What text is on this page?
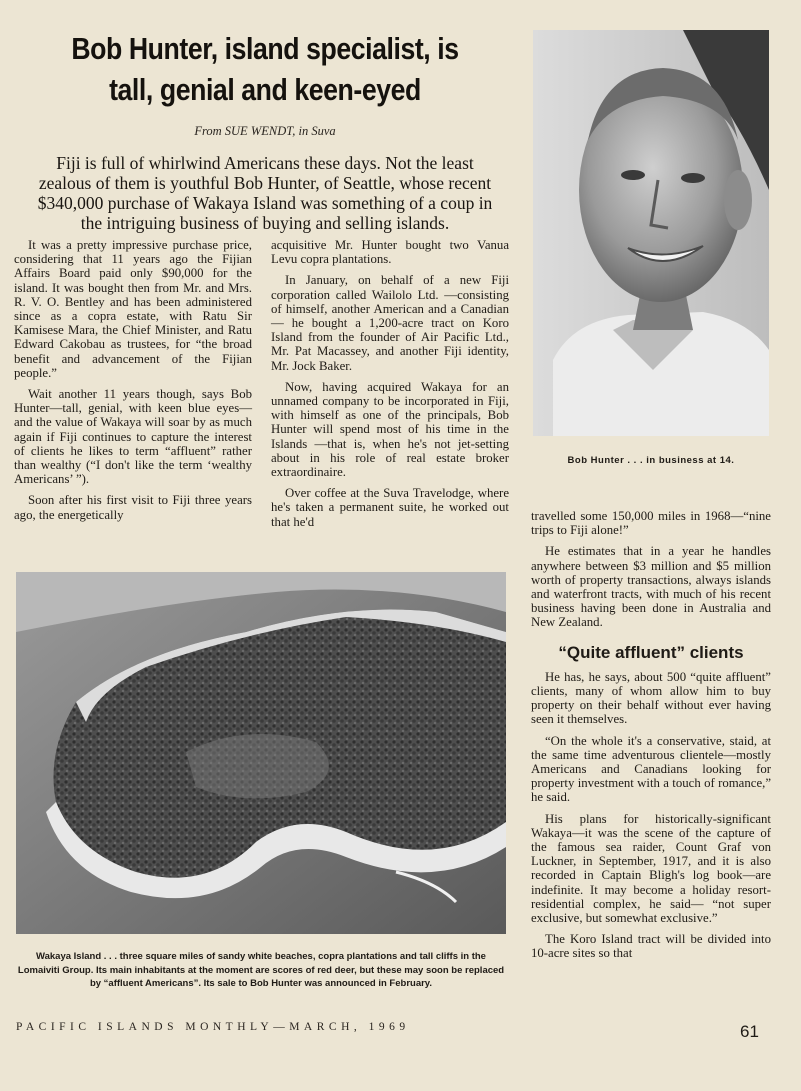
Bob Hunter, island specialist, is tall, genial and keen-eyed
From SUE WENDT, in Suva
Fiji is full of whirlwind Americans these days. Not the least zealous of them is youthful Bob Hunter, of Seattle, whose recent $340,000 purchase of Wakaya Island was something of a coup in the intriguing business of buying and selling islands.

It was a pretty impressive purchase price, considering that 11 years ago the Fijian Affairs Board paid only $90,000 for the island. It was bought then from Mr. and Mrs. R. V. O. Bentley and has been administered since as a copra estate, with Ratu Sir Kamisese Mara, the Chief Minister, and Ratu Edward Cakobau as trustees, for “the broad benefit and advancement of the Fijian people.”

Wait another 11 years though, says Bob Hunter—tall, genial, with keen blue eyes—and the value of Wakaya will soar by as much again if Fiji continues to capture the interest of clients he likes to term “affluent” rather than wealthy (“I don't like the term ‘wealthy Americans’ ”).

Soon after his first visit to Fiji three years ago, the energetically

acquisitive Mr. Hunter bought two Vanua Levu copra plantations.

In January, on behalf of a new Fiji corporation called Wailolo Ltd. —consisting of himself, another American and a Canadian — he bought a 1,200-acre tract on Koro Island from the founder of Air Pacific Ltd., Mr. Pat Macassey, and another Fiji identity, Mr. Jock Baker.

Now, having acquired Wakaya for an unnamed company to be incorporated in Fiji, with himself as one of the principals, Bob Hunter will spend most of his time in the Islands —that is, when he's not jet-setting about in his role of real estate broker extraordinaire.

Over coffee at the Suva Travelodge, where he's taken a permanent suite, he worked out that he'd

Bob Hunter . . . in business at 14.

travelled some 150,000 miles in 1968—“nine trips to Fiji alone!”

He estimates that in a year he handles anywhere between $3 million and $5 million worth of property transactions, always islands and waterfront tracts, with much of his recent business having been done in Australia and New Zealand.

“Quite affluent” clients

He has, he says, about 500 “quite affluent” clients, many of whom allow him to buy property on their behalf without ever having seen it themselves.

“On the whole it's a conservative, staid, at the same time adventurous clientele—mostly Americans and Canadians looking for property investment with a touch of romance,” he said.

His plans for historically-significant Wakaya—it was the scene of the capture of the famous sea raider, Count Graf von Luckner, in September, 1917, and it is also recorded in Captain Bligh's log book—are indefinite. It may become a holiday resort-residential complex, he said— “not super exclusive, but somewhat exclusive.”

The Koro Island tract will be divided into 10-acre sites so that

Wakaya Island . . . three square miles of sandy white beaches, copra plantations and tall cliffs in the Lomaiviti Group. Its main inhabitants at the moment are scores of red deer, but these may soon be replaced by “affluent Americans”. Its sale to Bob Hunter was announced in February.
PACIFIC ISLANDS MONTHLY—MARCH, 1969	61
